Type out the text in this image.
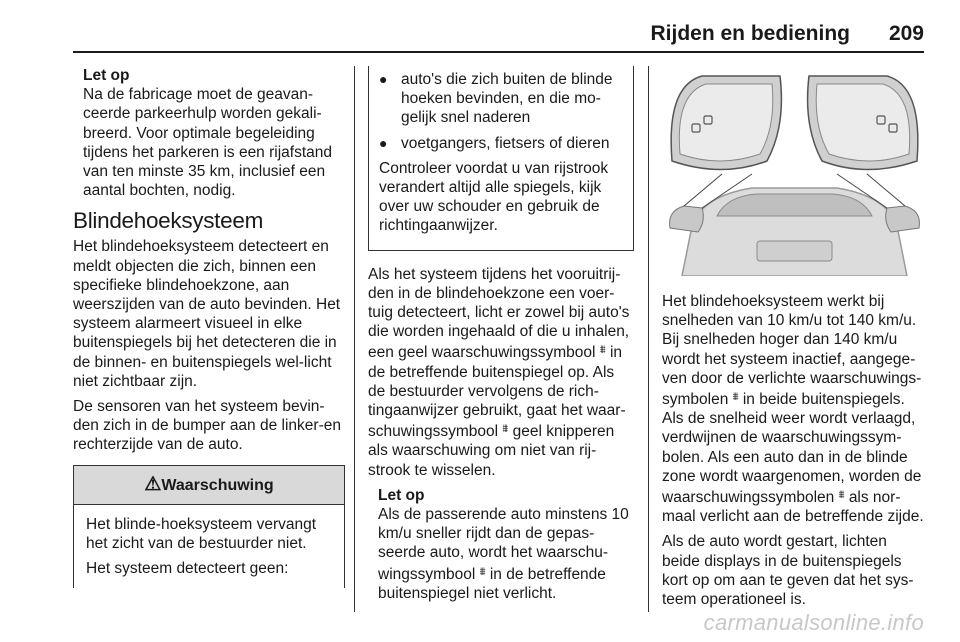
Rijden en bediening 209
Let op

Na de fabricage moet de geavan-ceerde parkeerhulp worden gekali-breerd. Voor optimale begeleiding tijdens het parkeren is een rijafstand van ten minste 35 km, inclusief een aantal bochten, nodig.

Blindehoeksysteem

Het blindehoeksysteem detecteert en meldt objecten die zich, binnen een specifieke blindehoekzone, aan weerszijden van de auto bevinden. Het systeem alarmeert visueel in elke buitenspiegels bij het detecteren die in de binnen- en buitenspiegels wel-licht niet zichtbaar zijn.

De sensoren van het systeem bevin-den zich in de bumper aan de linker-en rechterzijde van de auto.

⚠Waarschuwing

Het blinde-hoeksysteem vervangt het zicht van de bestuurder niet.

Het systeem detecteert geen:

● auto's die zich buiten de blinde hoeken bevinden, en die mo-gelijk snel naderen
● voetgangers, fietsers of dieren

Controleer voordat u van rijstrook verandert altijd alle spiegels, kijk over uw schouder en gebruik de richtingaanwijzer.

Als het systeem tijdens het vooruitrij-den in de blindehoekzone een voer-tuig detecteert, licht er zowel bij auto's die worden ingehaald of die u inhalen, een geel waarschuwingssymbool ⩩ in de betreffende buitenspiegel op. Als de bestuurder vervolgens de rich-tingaanwijzer gebruikt, gaat het waar-schuwingssymbool ⩩ geel knipperen als waarschuwing om niet van rij-strook te wisselen.

Let op

Als de passerende auto minstens 10 km/u sneller rijdt dan de gepas-seerde auto, wordt het waarschu-wingssymbool ⩩ in de betreffende buitenspiegel niet verlicht.

Het blindehoeksysteem werkt bij snelheden van 10 km/u tot 140 km/u. Bij snelheden hoger dan 140 km/u wordt het systeem inactief, aangege-ven door de verlichte waarschuwings-symbolen ⩩ in beide buitenspiegels. Als de snelheid weer wordt verlaagd, verdwijnen de waarschuwingssym-bolen. Als een auto dan in de blinde zone wordt waargenomen, worden de waarschuwingssymbolen ⩩ als nor-maal verlicht aan de betreffende zijde.

Als de auto wordt gestart, lichten beide displays in de buitenspiegels kort op om aan te geven dat het sys-teem operationeel is.

carmanualsonline.info
